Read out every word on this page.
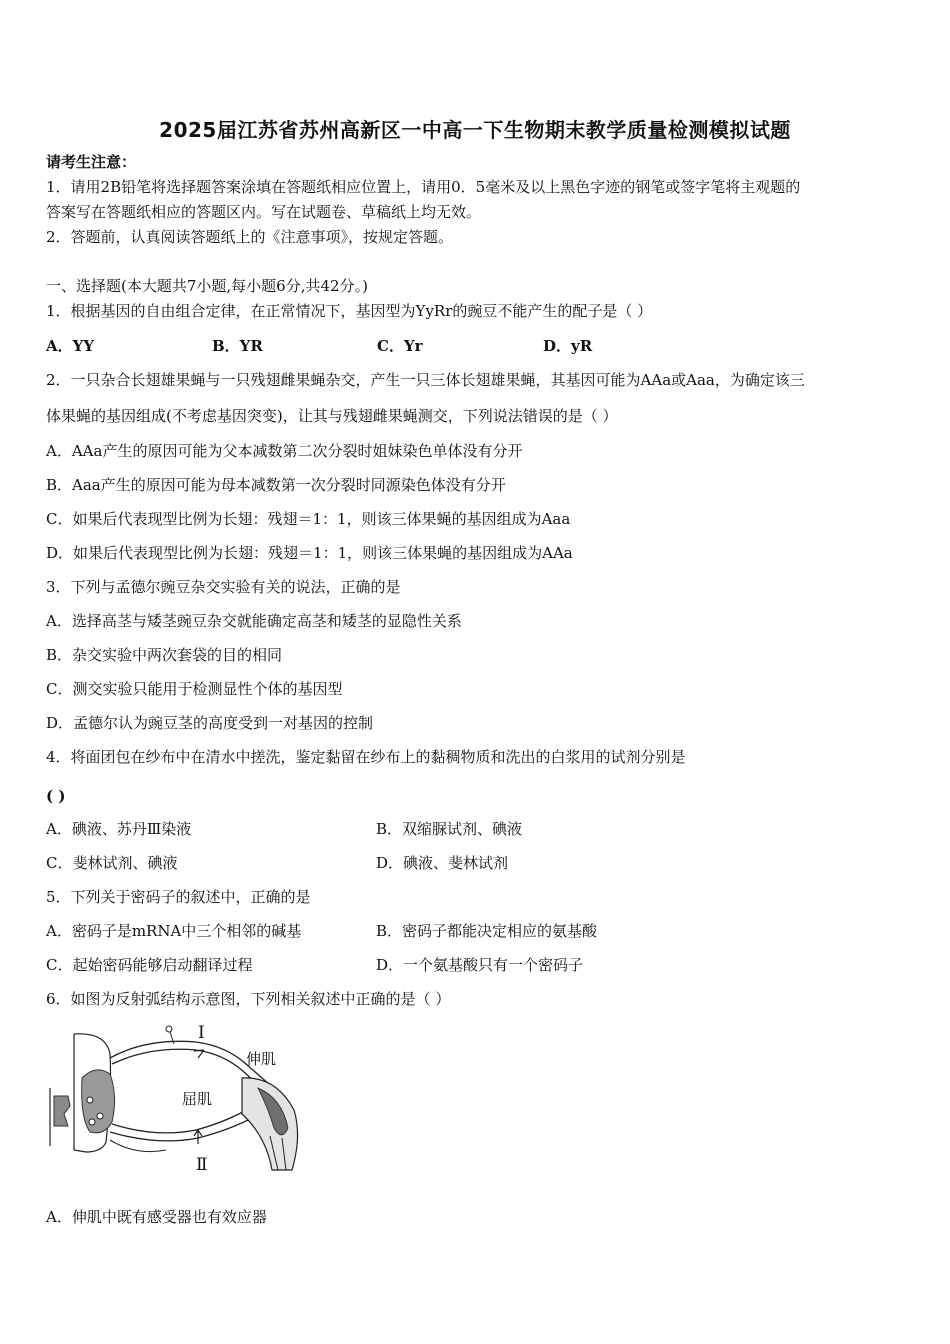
2025届江苏省苏州高新区一中高一下生物期末教学质量检测模拟试题
请考生注意：
1．请用2B铅笔将选择题答案涂填在答题纸相应位置上，请用0．5毫米及以上黑色字迹的钢笔或签字笔将主观题的
答案写在答题纸相应的答题区内。写在试题卷、草稿纸上均无效。
2．答题前，认真阅读答题纸上的《注意事项》，按规定答题。
一、选择题(本大题共7小题,每小题6分,共42分。)
1．根据基因的自由组合定律，在正常情况下，基因型为YyRr的豌豆不能产生的配子是（ ）
A．YY	B．YR	C．Yr	D．yR
2．一只杂合长翅雄果蝇与一只残翅雌果蝇杂交，产生一只三体长翅雄果蝇，其基因可能为AAa或Aaa，为确定该三
体果蝇的基因组成(不考虑基因突变)，让其与残翅雌果蝇测交，下列说法错误的是（ ）
A．AAa产生的原因可能为父本减数第二次分裂时姐妹染色单体没有分开
B．Aaa产生的原因可能为母本减数第一次分裂时同源染色体没有分开
C．如果后代表现型比例为长翅：残翅＝1：1，则该三体果蝇的基因组成为Aaa
D．如果后代表现型比例为长翅：残翅＝1：1，则该三体果蝇的基因组成为AAa
3．下列与孟德尔豌豆杂交实验有关的说法，正确的是
A．选择高茎与矮茎豌豆杂交就能确定高茎和矮茎的显隐性关系
B．杂交实验中两次套袋的目的相同
C．测交实验只能用于检测显性个体的基因型
D．孟德尔认为豌豆茎的高度受到一对基因的控制
4．将面团包在纱布中在清水中搓洗，鉴定黏留在纱布上的黏稠物质和洗出的白浆用的试剂分别是
( )
A．碘液、苏丹Ⅲ染液	B．双缩脲试剂、碘液
C．斐林试剂、碘液	D．碘液、斐林试剂
5．下列关于密码子的叙述中，正确的是
A．密码子是mRNA中三个相邻的碱基	B．密码子都能决定相应的氨基酸
C．起始密码能够启动翻译过程	D．一个氨基酸只有一个密码子
6．如图为反射弧结构示意图，下列相关叙述中正确的是（ ）
Ⅰ
Ⅱ
伸肌
屈肌
A．伸肌中既有感受器也有效应器
